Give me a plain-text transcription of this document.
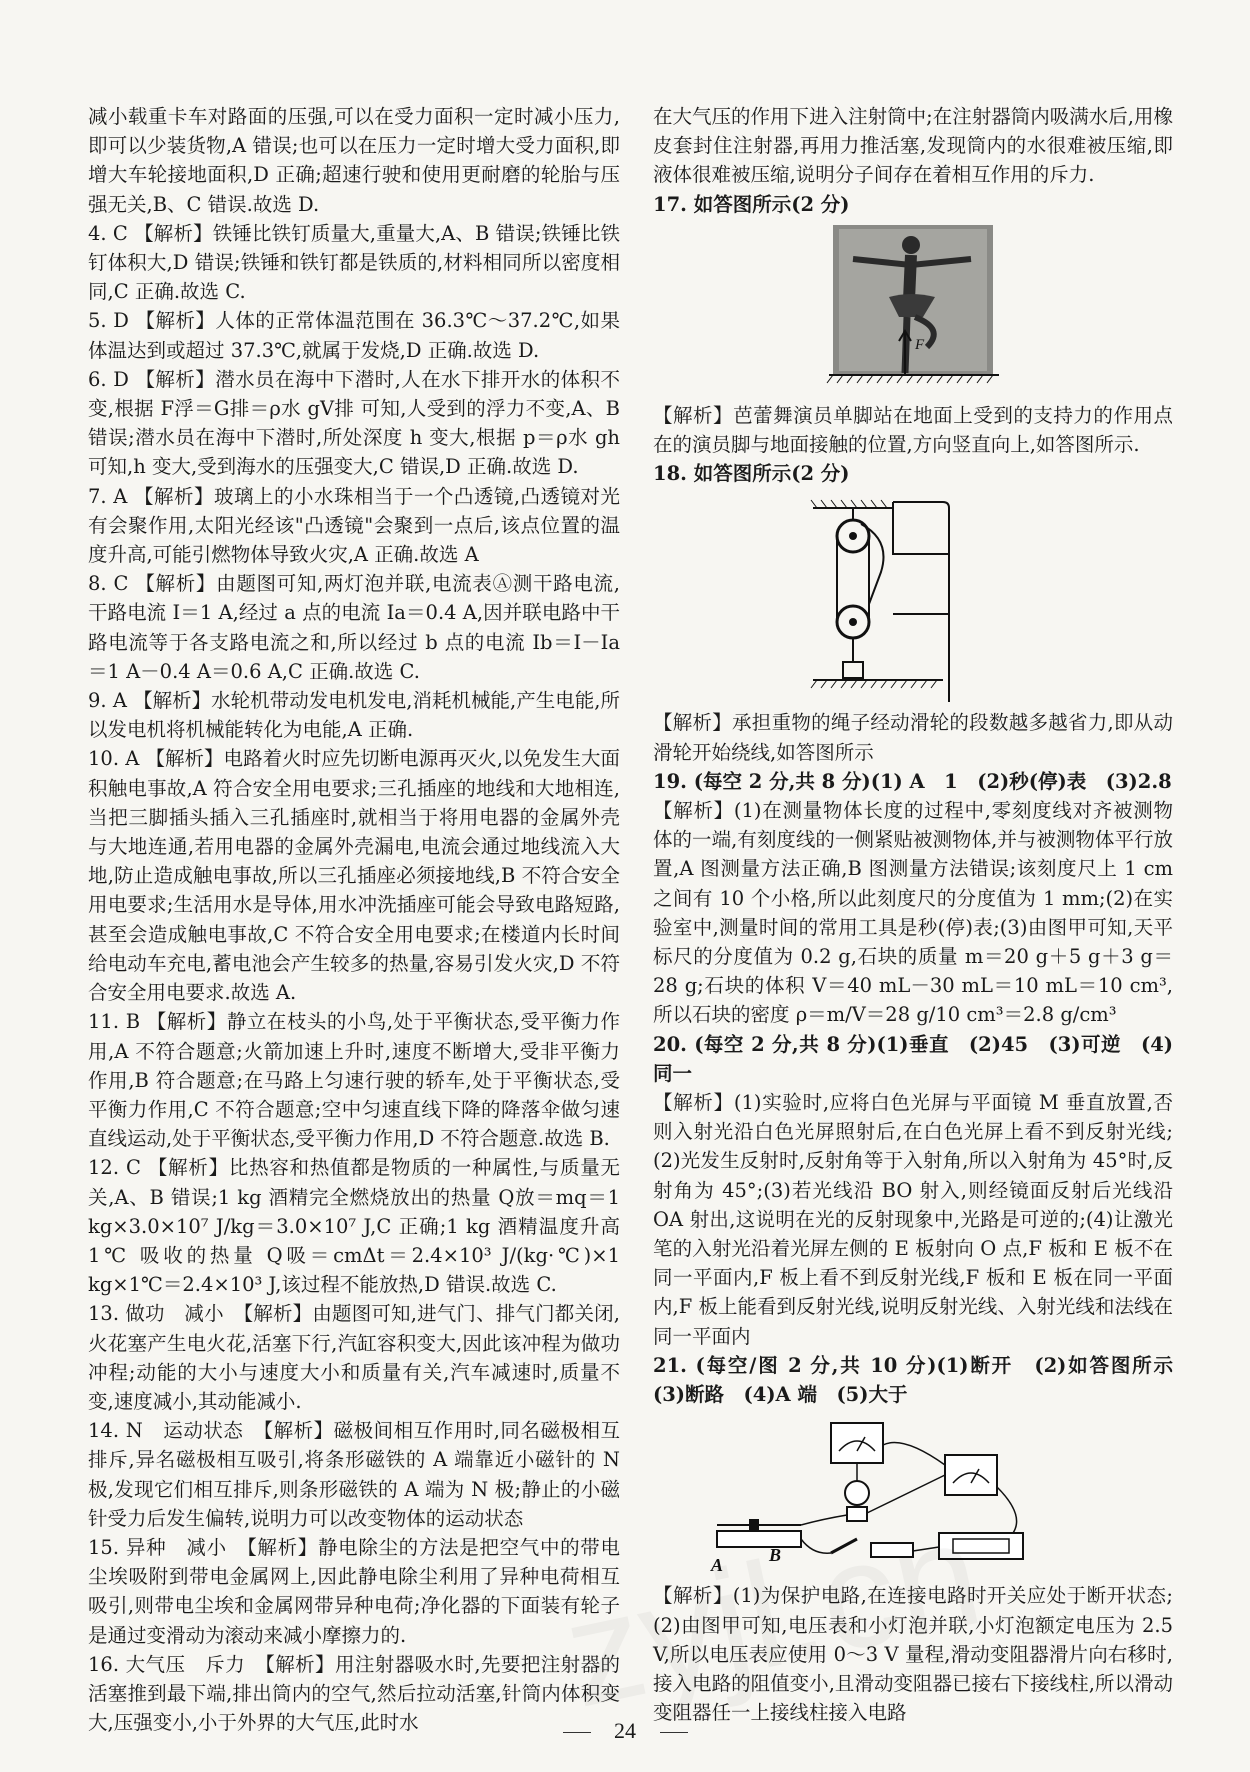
减小载重卡车对路面的压强,可以在受力面积一定时减小压力,即可以少装货物,A 错误;也可以在压力一定时增大受力面积,即增大车轮接地面积,D 正确;超速行驶和使用更耐磨的轮胎与压强无关,B、C 错误.故选 D.

4. C 【解析】铁锤比铁钉质量大,重量大,A、B 错误;铁锤比铁钉体积大,D 错误;铁锤和铁钉都是铁质的,材料相同所以密度相同,C 正确.故选 C.

5. D 【解析】人体的正常体温范围在 36.3℃～37.2℃,如果体温达到或超过 37.3℃,就属于发烧,D 正确.故选 D.

6. D 【解析】潜水员在海中下潜时,人在水下排开水的体积不变,根据 F浮＝G排＝ρ水 gV排 可知,人受到的浮力不变,A、B 错误;潜水员在海中下潜时,所处深度 h 变大,根据 p＝ρ水 gh 可知,h 变大,受到海水的压强变大,C 错误,D 正确.故选 D.

7. A 【解析】玻璃上的小水珠相当于一个凸透镜,凸透镜对光有会聚作用,太阳光经该"凸透镜"会聚到一点后,该点位置的温度升高,可能引燃物体导致火灾,A 正确.故选 A

8. C 【解析】由题图可知,两灯泡并联,电流表Ⓐ测干路电流,干路电流 I＝1 A,经过 a 点的电流 Ia＝0.4 A,因并联电路中干路电流等于各支路电流之和,所以经过 b 点的电流 Ib＝I－Ia＝1 A－0.4 A＝0.6 A,C 正确.故选 C.

9. A 【解析】水轮机带动发电机发电,消耗机械能,产生电能,所以发电机将机械能转化为电能,A 正确.

10. A 【解析】电路着火时应先切断电源再灭火,以免发生大面积触电事故,A 符合安全用电要求;三孔插座的地线和大地相连,当把三脚插头插入三孔插座时,就相当于将用电器的金属外壳与大地连通,若用电器的金属外壳漏电,电流会通过地线流入大地,防止造成触电事故,所以三孔插座必须接地线,B 不符合安全用电要求;生活用水是导体,用水冲洗插座可能会导致电路短路,甚至会造成触电事故,C 不符合安全用电要求;在楼道内长时间给电动车充电,蓄电池会产生较多的热量,容易引发火灾,D 不符合安全用电要求.故选 A.

11. B 【解析】静立在枝头的小鸟,处于平衡状态,受平衡力作用,A 不符合题意;火箭加速上升时,速度不断增大,受非平衡力作用,B 符合题意;在马路上匀速行驶的轿车,处于平衡状态,受平衡力作用,C 不符合题意;空中匀速直线下降的降落伞做匀速直线运动,处于平衡状态,受平衡力作用,D 不符合题意.故选 B.

12. C 【解析】比热容和热值都是物质的一种属性,与质量无关,A、B 错误;1 kg 酒精完全燃烧放出的热量 Q放＝mq＝1 kg×3.0×10⁷ J/kg＝3.0×10⁷ J,C 正确;1 kg 酒精温度升高 1℃ 吸收的热量 Q吸＝cmΔt＝2.4×10³ J/(kg·℃)×1 kg×1℃＝2.4×10³ J,该过程不能放热,D 错误.故选 C.

13. 做功　减小　【解析】由题图可知,进气门、排气门都关闭,火花塞产生电火花,活塞下行,汽缸容积变大,因此该冲程为做功冲程;动能的大小与速度大小和质量有关,汽车减速时,质量不变,速度减小,其动能减小.

14. N　运动状态　【解析】磁极间相互作用时,同名磁极相互排斥,异名磁极相互吸引,将条形磁铁的 A 端靠近小磁针的 N 极,发现它们相互排斥,则条形磁铁的 A 端为 N 极;静止的小磁针受力后发生偏转,说明力可以改变物体的运动状态

15. 异种　减小　【解析】静电除尘的方法是把空气中的带电尘埃吸附到带电金属网上,因此静电除尘利用了异种电荷相互吸引,则带电尘埃和金属网带异种电荷;净化器的下面装有轮子是通过变滑动为滚动来减小摩擦力的.

16. 大气压　斥力　【解析】用注射器吸水时,先要把注射器的活塞推到最下端,排出筒内的空气,然后拉动活塞,针筒内体积变大,压强变小,小于外界的大气压,此时水

在大气压的作用下进入注射筒中;在注射器筒内吸满水后,用橡皮套封住注射器,再用力推活塞,发现筒内的水很难被压缩,即液体很难被压缩,说明分子间存在着相互作用的斥力.

17. 如答图所示(2 分)

F

【解析】芭蕾舞演员单脚站在地面上受到的支持力的作用点在的演员脚与地面接触的位置,方向竖直向上,如答图所示.

18. 如答图所示(2 分)

【解析】承担重物的绳子经动滑轮的段数越多越省力,即从动滑轮开始绕线,如答图所示

19. (每空 2 分,共 8 分)(1) A　1　(2)秒(停)表　(3)2.8

【解析】(1)在测量物体长度的过程中,零刻度线对齐被测物体的一端,有刻度线的一侧紧贴被测物体,并与被测物体平行放置,A 图测量方法正确,B 图测量方法错误;该刻度尺上 1 cm 之间有 10 个小格,所以此刻度尺的分度值为 1 mm;(2)在实验室中,测量时间的常用工具是秒(停)表;(3)由图甲可知,天平标尺的分度值为 0.2 g,石块的质量 m＝20 g＋5 g＋3 g＝28 g;石块的体积 V＝40 mL－30 mL＝10 mL＝10 cm³,所以石块的密度 ρ＝m/V＝28 g/10 cm³＝2.8 g/cm³

20. (每空 2 分,共 8 分)(1)垂直　(2)45　(3)可逆　(4)同一

【解析】(1)实验时,应将白色光屏与平面镜 M 垂直放置,否则入射光沿白色光屏照射后,在白色光屏上看不到反射光线;(2)光发生反射时,反射角等于入射角,所以入射角为 45°时,反射角为 45°;(3)若光线沿 BO 射入,则经镜面反射后光线沿 OA 射出,这说明在光的反射现象中,光路是可逆的;(4)让激光笔的入射光沿着光屏左侧的 E 板射向 O 点,F 板和 E 板不在同一平面内,F 板上看不到反射光线,F 板和 E 板在同一平面内,F 板上能看到反射光线,说明反射光线、入射光线和法线在同一平面内

21. (每空/图 2 分,共 10 分)(1)断开　(2)如答图所示　(3)断路　(4)A 端　(5)大于

A	B

【解析】(1)为保护电路,在连接电路时开关应处于断开状态;(2)由图甲可知,电压表和小灯泡并联,小灯泡额定电压为 2.5 V,所以电压表应使用 0～3 V 量程,滑动变阻器滑片向右移时,接入电路的阻值变小,且滑动变阻器已接右下接线柱,所以滑动变阻器任一上接线柱接入电路

24
